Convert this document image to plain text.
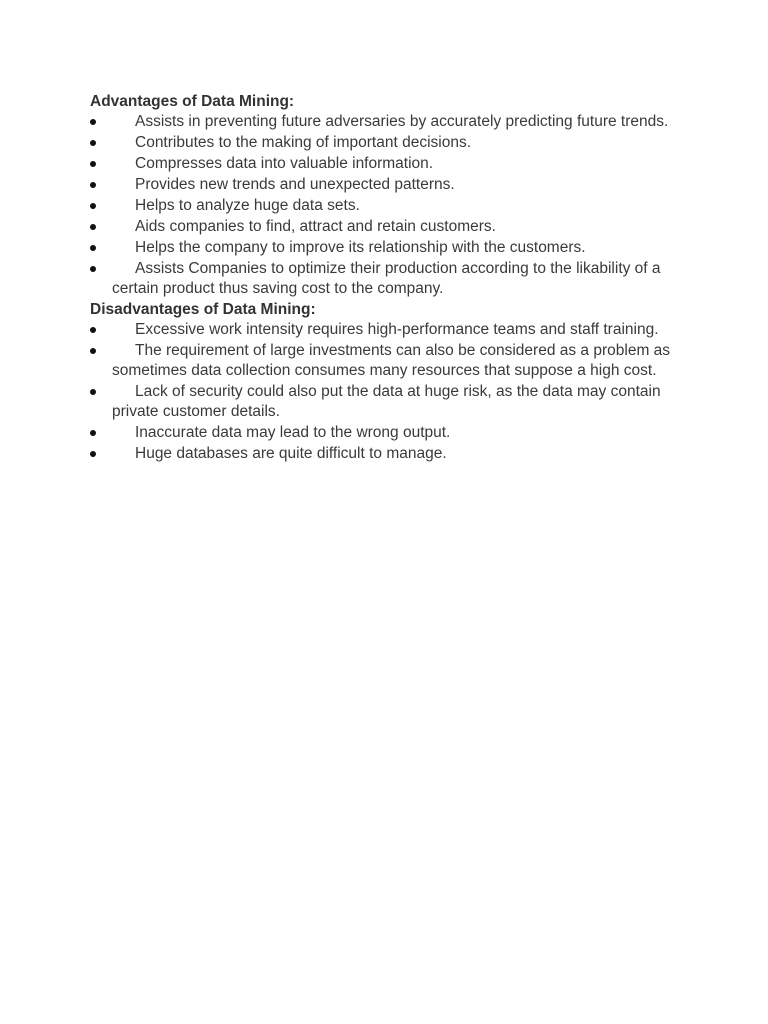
Advantages of Data Mining:

Assists in preventing future adversaries by accurately predicting future trends.
Contributes to the making of important decisions.
Compresses data into valuable information.
Provides new trends and unexpected patterns.
Helps to analyze huge data sets.
Aids companies to find, attract and retain customers.
Helps the company to improve its relationship with the customers.
Assists Companies to optimize their production according to the likability of a certain product thus saving cost to the company.

Disadvantages of Data Mining:

Excessive work intensity requires high-performance teams and staff training.
The requirement of large investments can also be considered as a problem as sometimes data collection consumes many resources that suppose a high cost.
Lack of security could also put the data at huge risk, as the data may contain private customer details.
Inaccurate data may lead to the wrong output.
Huge databases are quite difficult to manage.
